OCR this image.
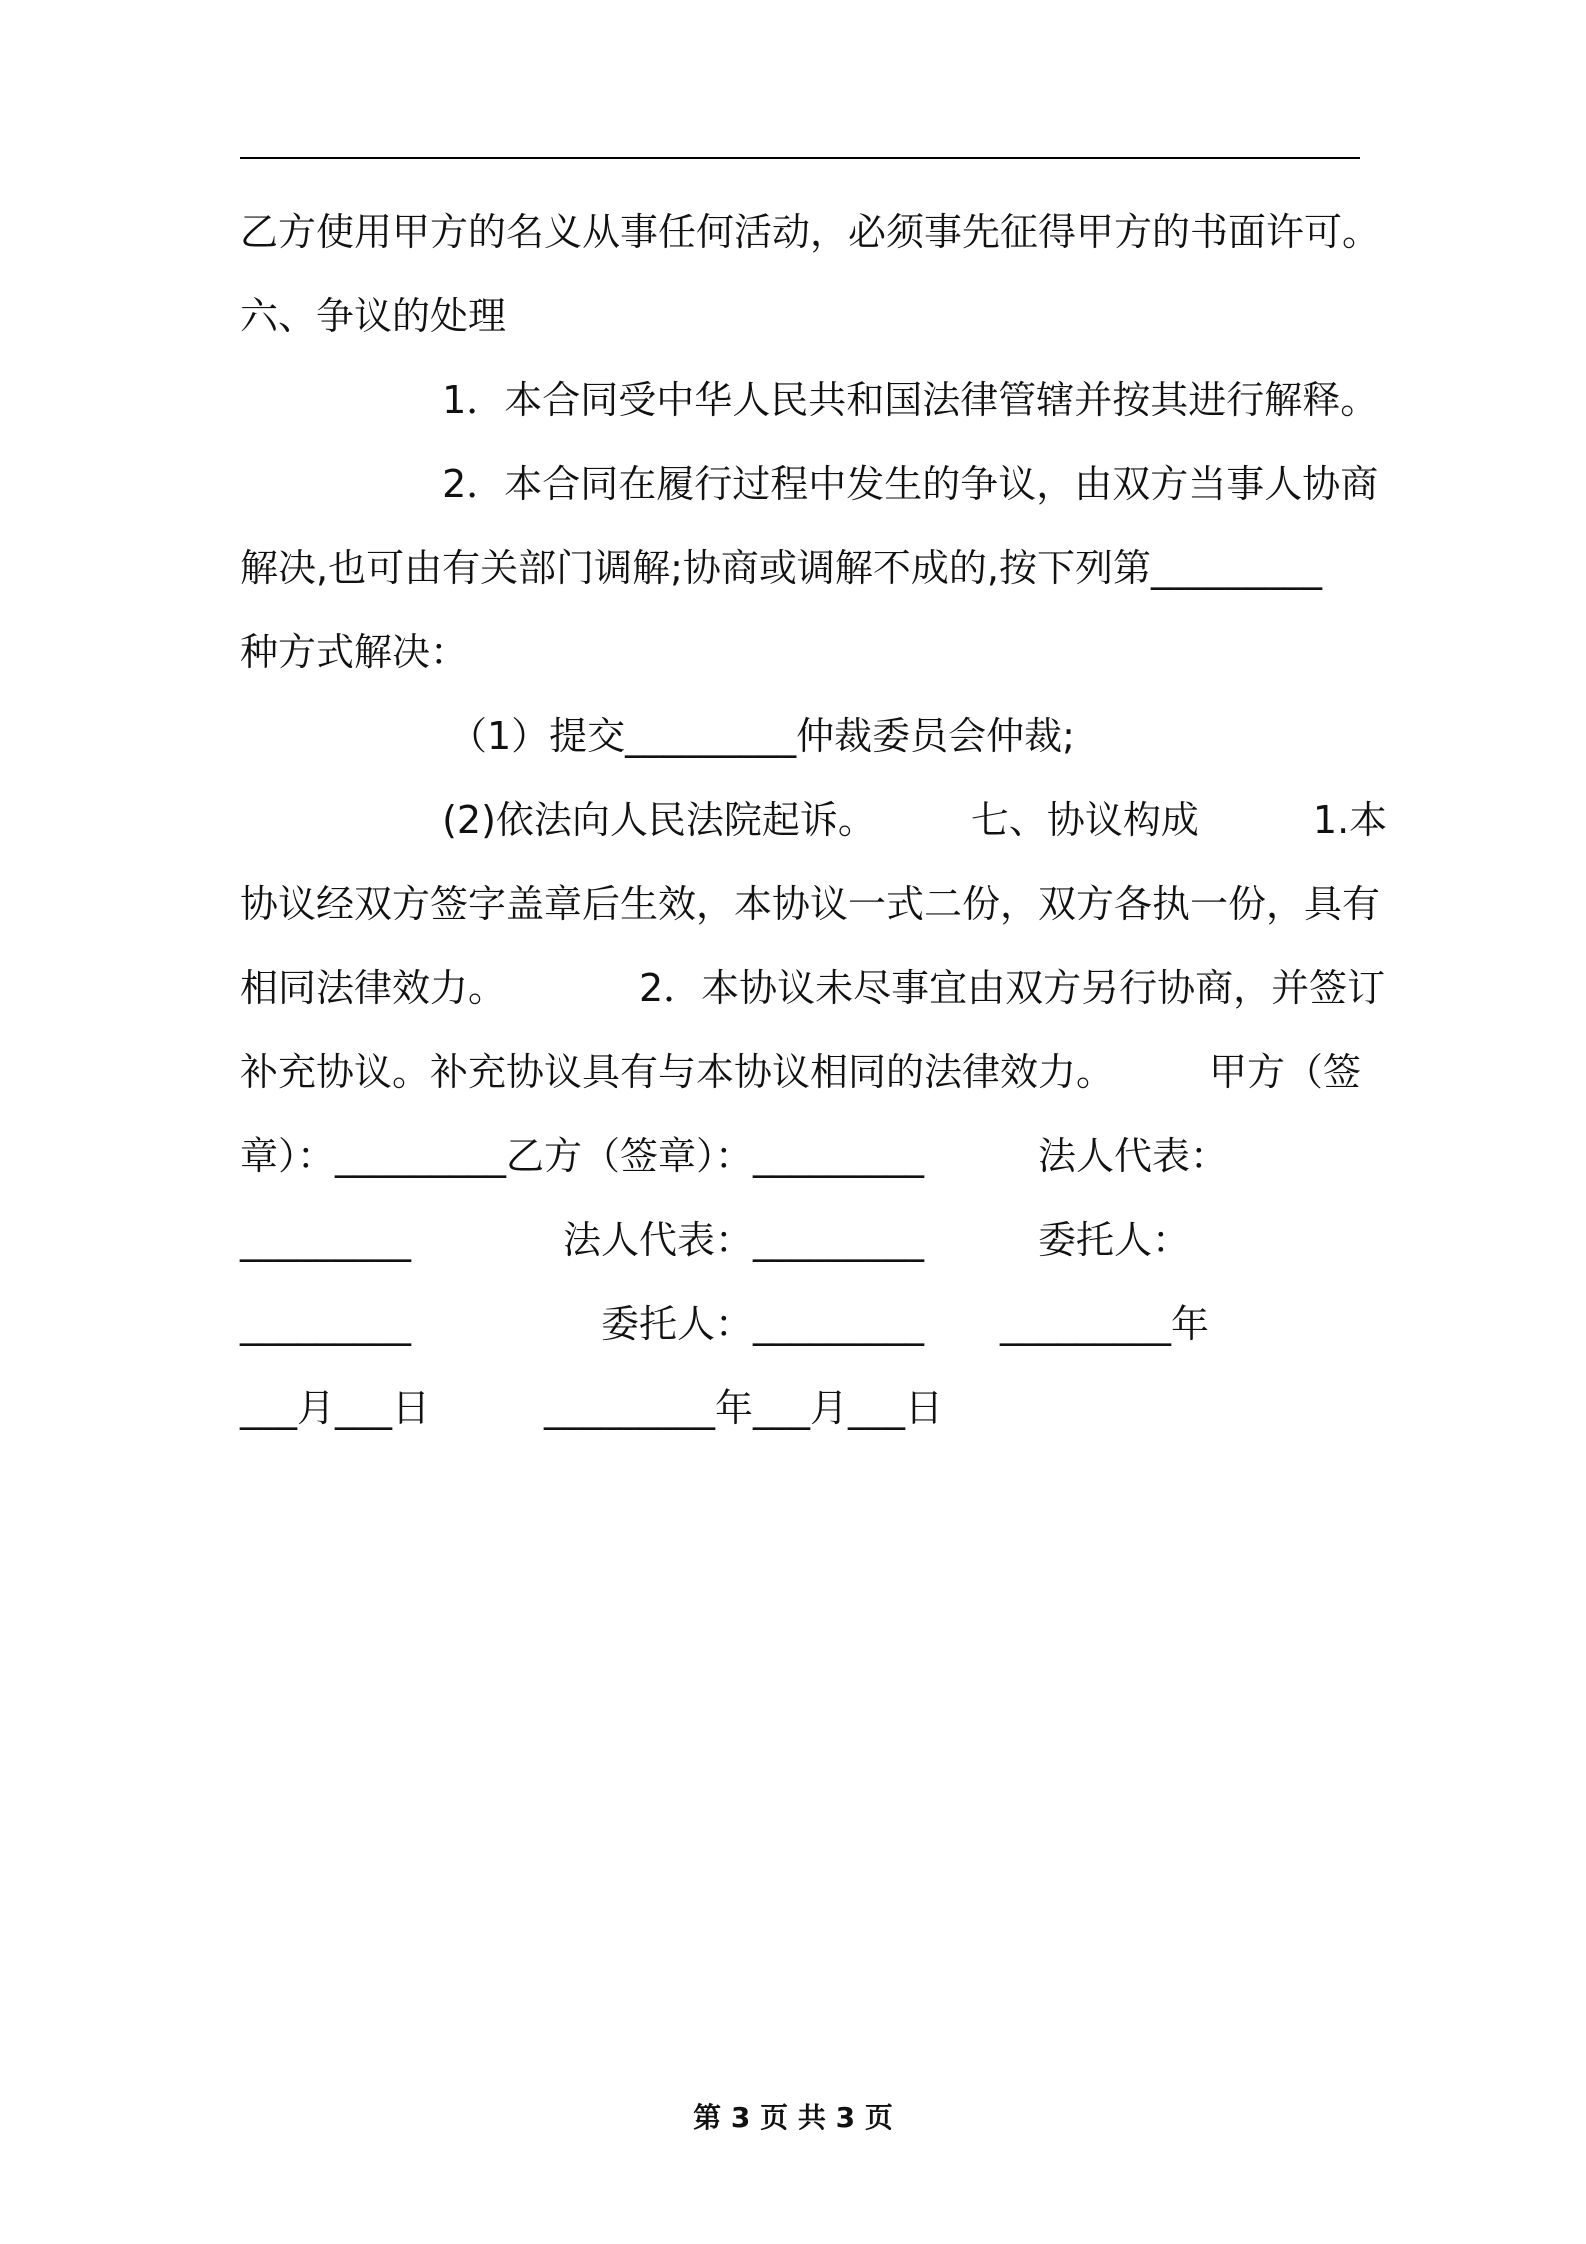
乙方使用甲方的名义从事任何活动，必须事先征得甲方的书面许可。
六、争议的处理
　　　　　 1．本合同受中华人民共和国法律管辖并按其进行解释。
　　　　　 2．本合同在履行过程中发生的争议，由双方当事人协商
解决,也可由有关部门调解;协商或调解不成的,按下列第_________
种方式解决：
　　　　　　（1）提交_________仲裁委员会仲裁;
　　　　　 (2)依法向人民法院起诉。　　　七、协议构成　　　1.本
协议经双方签字盖章后生效，本协议一式二份，双方各执一份，具有
相同法律效力。　　　　2．本协议未尽事宜由双方另行协商，并签订
补充协议。补充协议具有与本协议相同的法律效力。　　　甲方（签
章）：_________乙方（签章）：_________　　　法人代表：
_________　　　　法人代表：_________　　　委托人：
_________　　　　　委托人：_________　　_________年
___月___日　　　_________年___月___日
第 3 页 共 3 页
